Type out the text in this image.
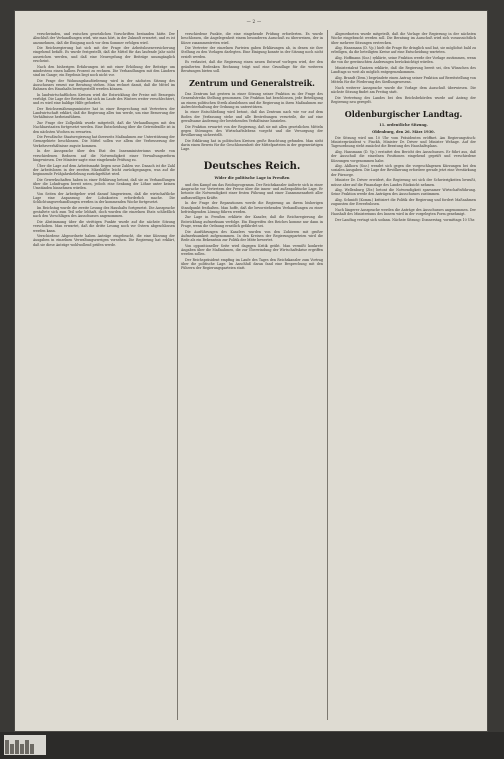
— 2 —

verschwinden, und zwischen gesetzlichen Vorschriften bestanden hätte. Der Abschluß der Verhandlungen wird, wie man hört, in der Zukunft erwartet, und es ist anzunehmen, daß die Einigung noch vor dem Sommer erfolgen wird.

Die Reichsregierung hat sich mit der Frage der Arbeitslosenversicherung eingehend befaßt. Es wurde festgestellt, daß die Mittel für das laufende Jahr nicht ausreichen werden, und daß eine Neuregelung der Beiträge unumgänglich erscheint.

Nach den bisherigen Erfahrungen ist mit einer Erhöhung der Beiträge um mindestens einen halben Prozent zu rechnen. Die Verhandlungen mit den Ländern sind im Gange; ein Ergebnis liegt noch nicht vor.

Die Frage der Wohnungsbauförderung wird in der nächsten Sitzung des Ausschusses erneut zur Beratung stehen. Man rechnet damit, daß die Mittel im Rahmen des Haushalts bereitgestellt werden können.

In landwirtschaftlichen Kreisen wird die Entwicklung der Preise mit Besorgnis verfolgt. Die Lage der Betriebe hat sich im Laufe des Winters weiter verschlechtert, und es wird eine baldige Hilfe gefordert.

Der Reichsernährungsminister hat in einer Besprechung mit Vertretern der Landwirtschaft erklärt, daß die Regierung alles tun werde, um eine Besserung der Verhältnisse herbeizuführen.

Zur Frage der Zollpolitik wurde mitgeteilt, daß die Verhandlungen mit den Nachbarstaaten fortgesetzt werden. Eine Entscheidung über die Getreidezölle ist in den nächsten Wochen zu erwarten.

Die Preußische Staatsregierung hat ihrerseits Maßnahmen zur Unterstützung der Grenzgebiete beschlossen. Die Mittel sollen vor allem der Verbesserung der Verkehrsverhältnisse zugute kommen.

In der Aussprache über den Etat des Innenministeriums wurde von verschiedenen Rednern auf die Notwendigkeit einer Verwaltungsreform hingewiesen. Der Minister sagte eine eingehende Prüfung zu.

Über die Lage auf dem Arbeitsmarkt liegen neue Zahlen vor. Danach ist die Zahl der Arbeitslosen in der zweiten Märzhälfte leicht zurückgegangen, was auf die beginnende Frühjahrsbelebung zurückgeführt wird.

Die Gewerkschaften haben in einer Erklärung betont, daß sie zu Verhandlungen über die Lohnfragen bereit seien, jedoch eine Senkung der Löhne unter keinen Umständen hinnehmen würden.

Von Seiten der Arbeitgeber wird darauf hingewiesen, daß die wirtschaftliche Lage eine Anpassung der Lohnkosten erforderlich mache. Die Schlichtungsverhandlungen werden in der kommenden Woche fortgesetzt.

Im Reichstag wurde die zweite Lesung des Haushalts fortgesetzt. Die Aussprache gestaltete sich zum Teil sehr lebhaft, doch wurden die einzelnen Etats schließlich nach den Vorschlägen des Ausschusses angenommen.

Die Abstimmung über die strittigen Punkte wurde auf die nächste Sitzung verschoben. Man erwartet, daß die dritte Lesung noch vor Ostern abgeschlossen werden kann.

Verschiedene Abgeordnete haben Anträge eingebracht, die eine Kürzung der Ausgaben in einzelnen Verwaltungszweigen vorsehen. Die Regierung hat erklärt, daß sie diese Anträge wohlwollend prüfen werde.

verschiedene Punkte, die eine eingehende Prüfung erforderten. Es wurde beschlossen, die Angelegenheit einem besonderen Ausschuß zu überweisen, der in Kürze zusammentreten wird.

Die Vertreter der einzelnen Parteien gaben Erklärungen ab, in denen sie ihre Stellung zu den Vorlagen darlegten. Eine Einigung konnte in der Sitzung noch nicht erzielt werden.

Es verlautet, daß die Regierung einen neuen Entwurf vorlegen wird, der den geäußerten Bedenken Rechnung trägt und eine Grundlage für die weiteren Beratungen bieten soll.

Zentrum und Generalstreik.

Das Zentrum hat gestern in einer Sitzung seiner Fraktion zu der Frage des Generalstreiks Stellung genommen. Die Fraktion hat beschlossen, jede Beteiligung an einem politischen Streik abzulehnen und die Regierung in ihren Maßnahmen zur Aufrechterhaltung der Ordnung zu unterstützen.

In einer Entschließung wird betont, daß das Zentrum nach wie vor auf dem Boden der Verfassung stehe und alle Bestrebungen verurteile, die auf eine gewaltsame Änderung der bestehenden Verhältnisse hinzielen.

Die Fraktion erwartet von der Regierung, daß sie mit allen gesetzlichen Mitteln gegen Störungen des Wirtschaftslebens vorgeht und die Versorgung der Bevölkerung sicherstellt.

Die Erklärung hat in politischen Kreisen große Beachtung gefunden. Man sieht darin einen Beweis für die Geschlossenheit der Mittelparteien in der gegenwärtigen Lage.

Deutsches Reich.
Wider die politische Lage in Preußen

und den Kampf um das Reichsprogramm. Der Reichskanzler äußerte sich in einer Ansprache vor Vertretern der Presse über die innen- und außenpolitische Lage. Er betonte die Notwendigkeit einer festen Führung und einer Zusammenarbeit aller aufbauwilligen Kräfte.

In der Frage der Reparationen werde die Regierung an ihrem bisherigen Standpunkt festhalten. Man hoffe, daß die bevorstehenden Verhandlungen zu einer befriedigenden Lösung führen werden.

Zur Lage in Preußen erklärte der Kanzler, daß die Reichsregierung die Entwicklung aufmerksam verfolge. Ein Eingreifen des Reiches komme nur dann in Frage, wenn die Ordnung ernstlich gefährdet sei.

Die Ausführungen des Kanzlers wurden von den Zuhörern mit großer Aufmerksamkeit aufgenommen. In den Kreisen der Regierungsparteien wird die Rede als ein Bekenntnis zur Politik der Mitte bewertet.

Von oppositioneller Seite wird dagegen Kritik geübt. Man vermißt konkrete Angaben über die Maßnahmen, die zur Überwindung der Wirtschaftskrise ergriffen werden sollen.

Der Reichspräsident empfing im Laufe des Tages den Reichskanzler zum Vortrag über die politische Lage. Im Anschluß daran fand eine Besprechung mit den Führern der Regierungsparteien statt.

Abgeordneten wurde mitgeteilt, daß die Vorlage der Regierung in der nächsten Woche eingebracht werden soll. Die Beratung im Ausschuß wird sich voraussichtlich über mehrere Sitzungen erstrecken.

Abg. Hansmann (D. Vp.) hielt die Frage für dringlich und bat, sie möglichst bald zu erledigen, da die beteiligten Kreise auf eine Entscheidung warteten.

Abg. Hoffmann (Soz.) erklärte, seine Fraktion werde der Vorlage zustimmen, wenn die von ihr gewünschten Änderungen berücksichtigt würden.

Ministerialrat Tantzen erklärte, daß die Regierung bereit sei, den Wünschen des Landtags so weit als möglich entgegenzukommen.

Abg. Brandt (Dem.) begründete einen Antrag seiner Fraktion auf Bereitstellung von Mitteln für die Förderung des Siedlungswesens.

Nach weiterer Aussprache wurde die Vorlage dem Ausschuß überwiesen. Die nächste Sitzung findet am Freitag statt.

Die Vertretung des Landes bei den Reichsbehörden wurde auf Antrag der Regierung neu geregelt.

Oldenburgischer Landtag.
11. ordentliche Sitzung.
Oldenburg, den 26. März 1930.

Die Sitzung wird um 10 Uhr vom Präsidenten eröffnet. Am Regierungstisch: Ministerpräsident v. Finckh, Minister Dr. Driver und Minister Wehage. Auf der Tagesordnung steht zunächst die Beratung des Haushaltsplans.

Abg. Hansmann (D. Vp.) erstattet den Bericht des Ausschusses. Er führt aus, daß der Ausschuß die einzelnen Positionen eingehend geprüft und verschiedene Kürzungen vorgenommen habe.

Abg. Ahlhorn (Soz.) wendet sich gegen die vorgeschlagenen Kürzungen bei den sozialen Ausgaben. Die Lage der Bevölkerung erfordere gerade jetzt eine Verstärkung der Fürsorge.

Minister Dr. Driver erwidert, die Regierung sei sich der Schwierigkeiten bewußt, müsse aber auf die Finanzlage des Landes Rücksicht nehmen.

Abg. Wellenburg (Ztr.) betont die Notwendigkeit sparsamer Wirtschaftsführung. Seine Fraktion werde den Anträgen des Ausschusses zustimmen.

Abg. Schmidt (Komm.) kritisiert die Politik der Regierung und fordert Maßnahmen zugunsten der Erwerbslosen.

Nach längerer Aussprache werden die Anträge des Ausschusses angenommen. Der Haushalt des Ministeriums des Innern wird in der vorgelegten Form genehmigt.

Der Landtag vertagt sich sodann. Nächste Sitzung: Donnerstag, vormittags 10 Uhr.
